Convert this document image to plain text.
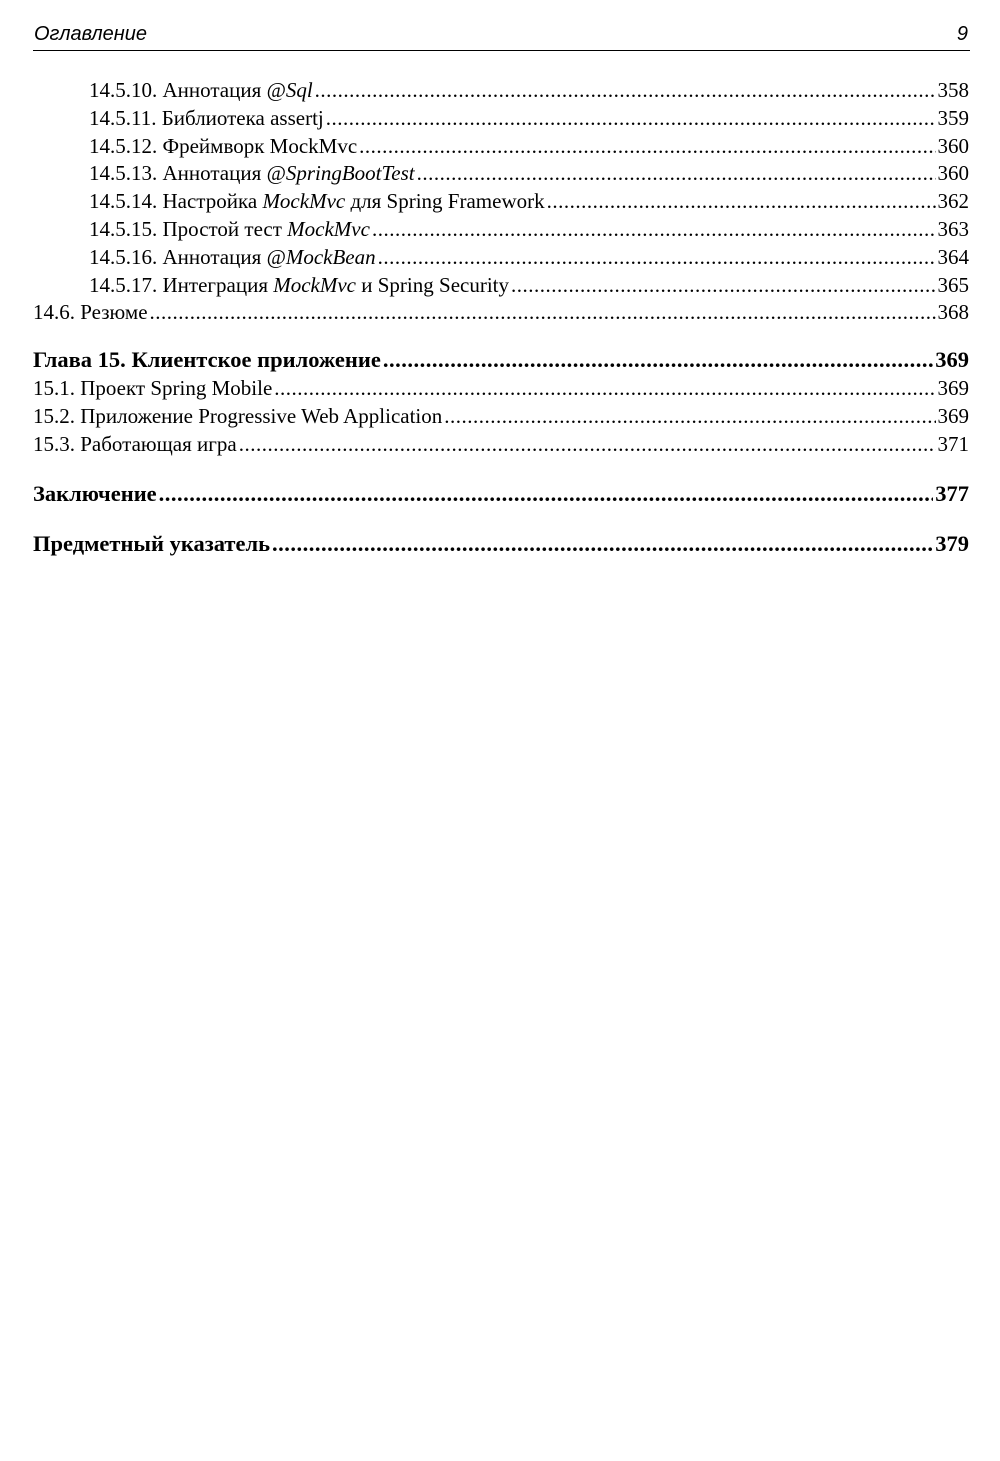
Оглавление	9
14.5.10. Аннотация @Sql .....	358
14.5.11. Библиотека assertj .....	359
14.5.12. Фреймворк MockMvc .....	360
14.5.13. Аннотация @SpringBootTest .....	360
14.5.14. Настройка MockMvc для Spring Framework .....	362
14.5.15. Простой тест MockMvc .....	363
14.5.16. Аннотация @MockBean .....	364
14.5.17. Интеграция MockMvc и Spring Security .....	365
14.6. Резюме .....	368
Глава 15. Клиентское приложение .....	369
15.1. Проект Spring Mobile .....	369
15.2. Приложение Progressive Web Application .....	369
15.3. Работающая игра .....	371
Заключение .....	377
Предметный указатель .....	379
